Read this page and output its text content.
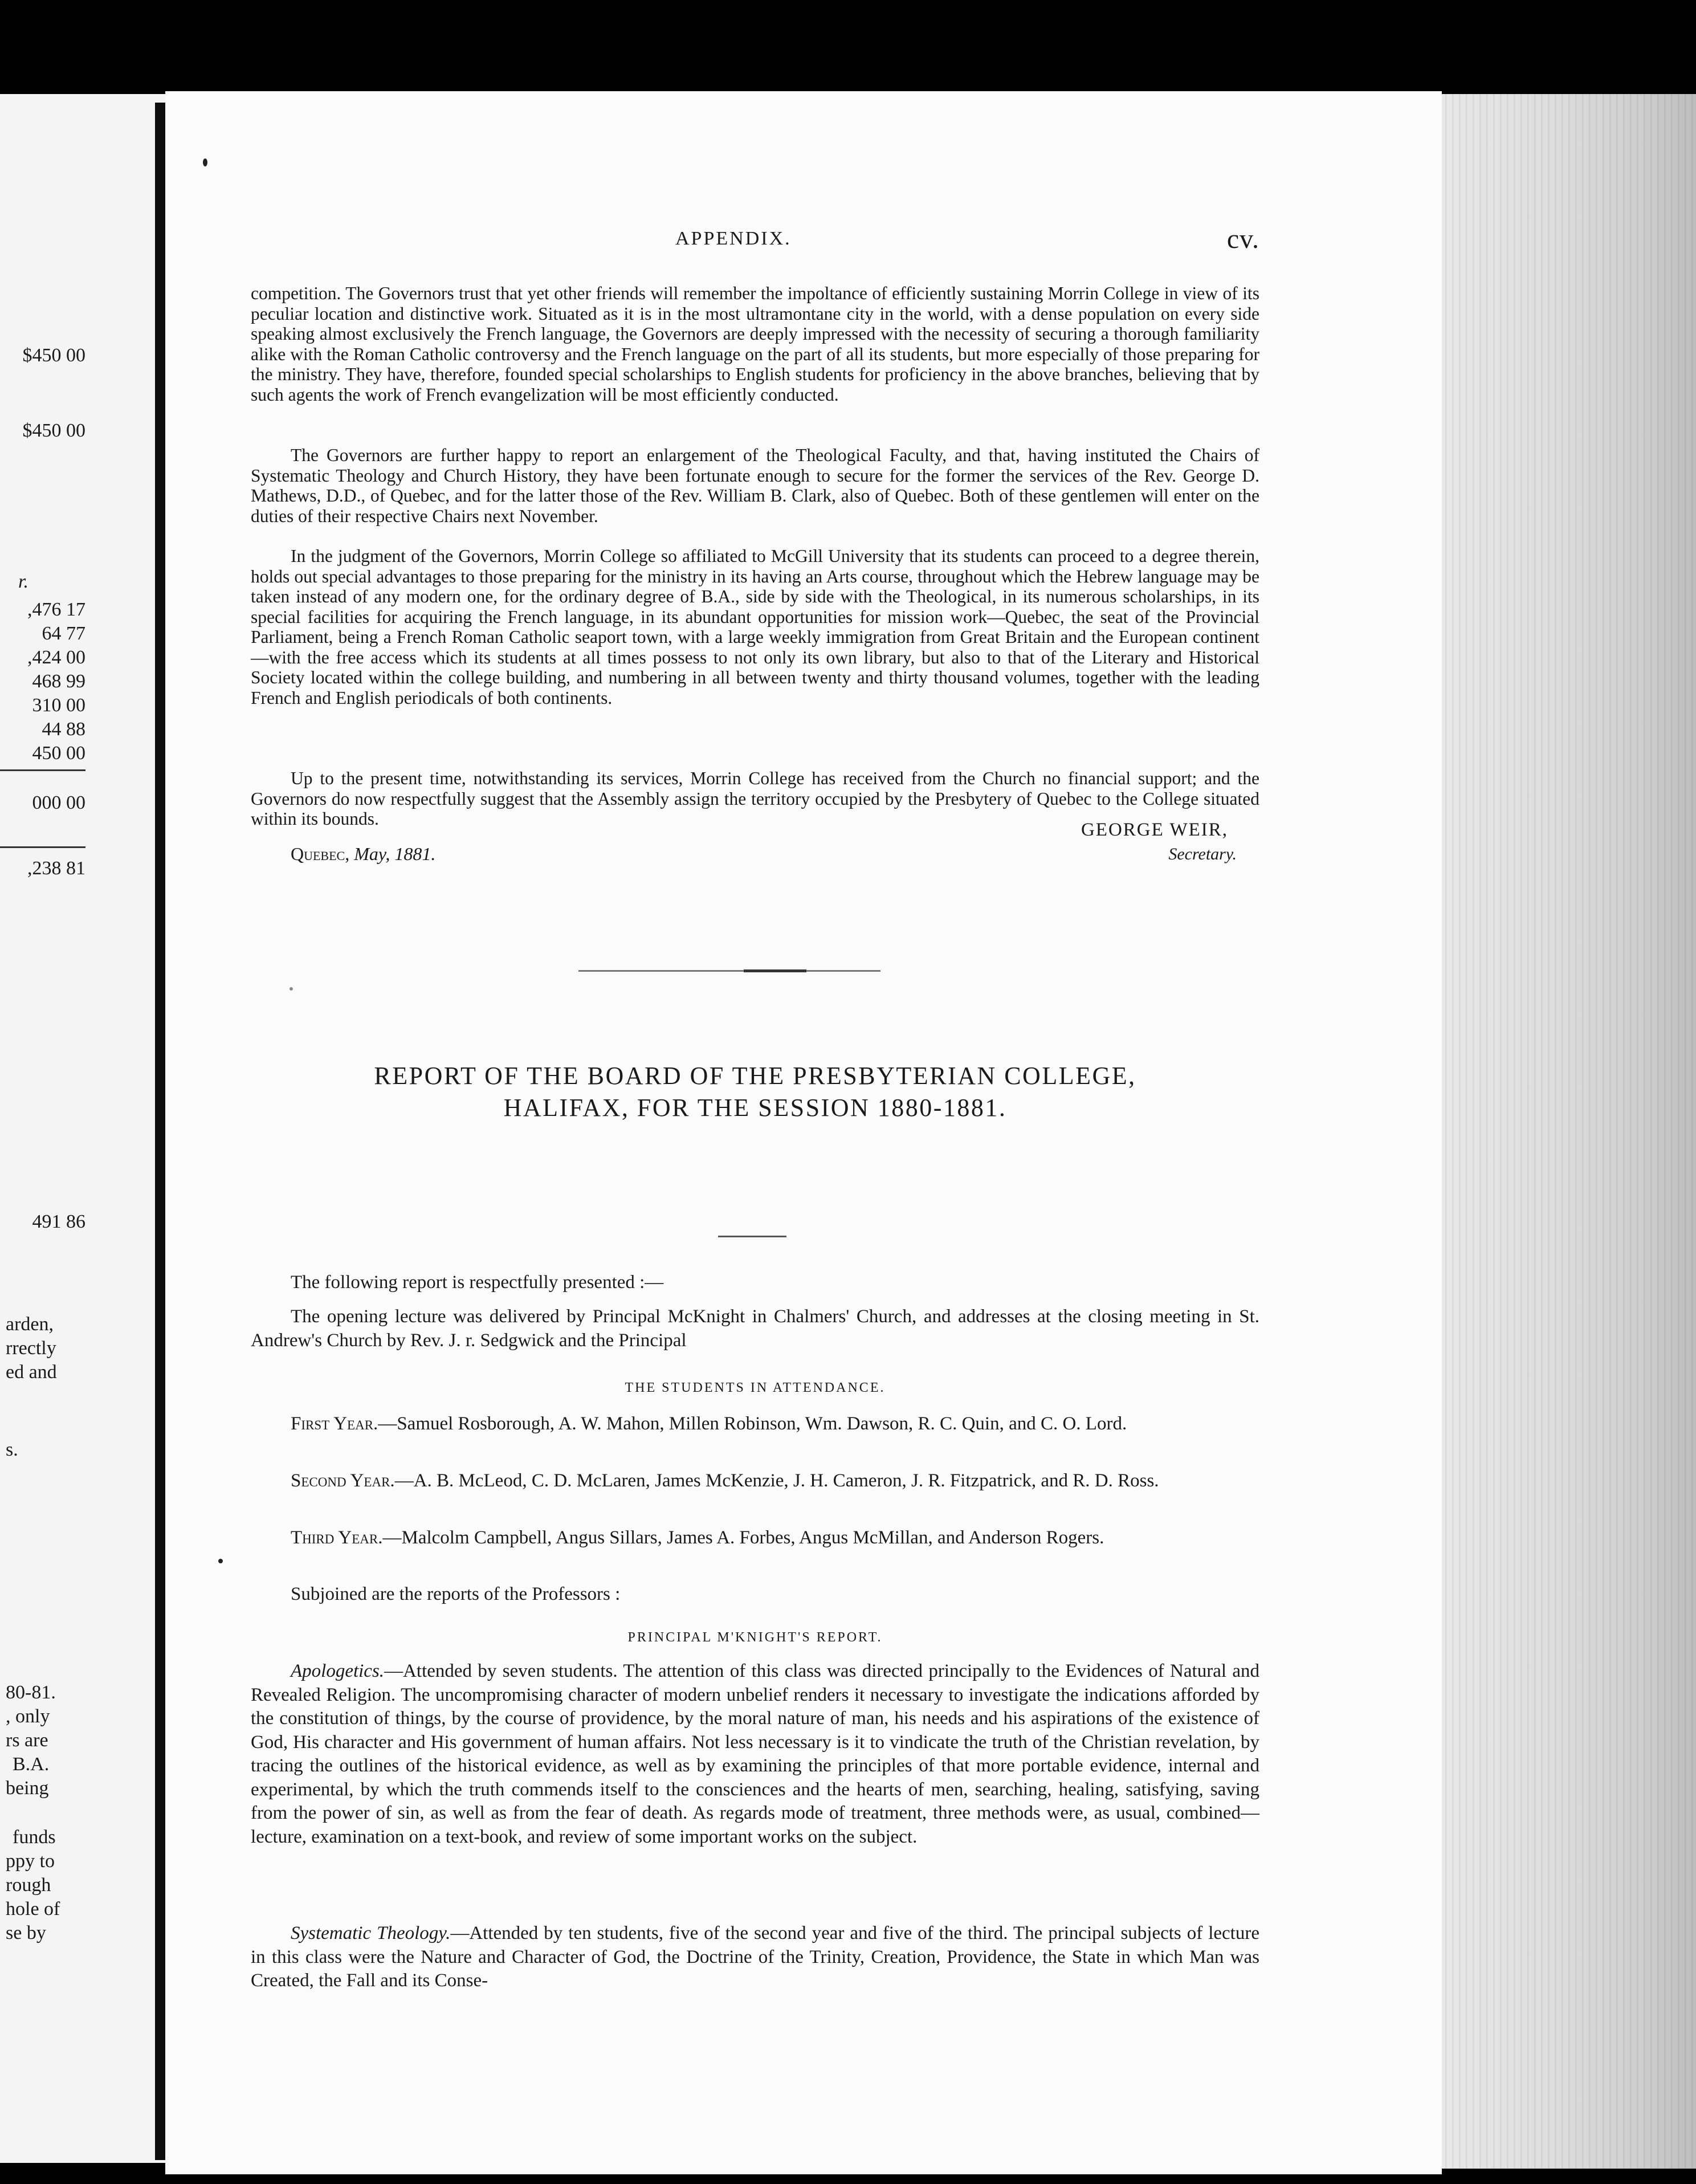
$450 00
$450 00
r.
,476 17
64 77
,424 00
468 99
310 00
44 88
450 00
000 00
,238 81
491 86
arden,
rrectly
ed and
s.
80-81.
, only
rs are
B.A.
being
funds
ppy to
rough
hole of
se by
APPENDIX.	cv.

competition. The Governors trust that yet other friends will remember the impoltance of efficiently sustaining Morrin College in view of its peculiar location and distinctive work. Situated as it is in the most ultramontane city in the world, with a dense population on every side speaking almost exclusively the French language, the Governors are deeply impressed with the necessity of securing a thorough familiarity alike with the Roman Catholic controversy and the French language on the part of all its students, but more especially of those preparing for the ministry. They have, therefore, founded special scholarships to English students for proficiency in the above branches, believing that by such agents the work of French evangelization will be most efficiently conducted.

The Governors are further happy to report an enlargement of the Theological Faculty, and that, having instituted the Chairs of Systematic Theology and Church History, they have been fortunate enough to secure for the former the services of the Rev. George D. Mathews, D.D., of Quebec, and for the latter those of the Rev. William B. Clark, also of Quebec. Both of these gentlemen will enter on the duties of their respective Chairs next November.

In the judgment of the Governors, Morrin College so affiliated to McGill University that its students can proceed to a degree therein, holds out special advantages to those preparing for the ministry in its having an Arts course, throughout which the Hebrew language may be taken instead of any modern one, for the ordinary degree of B.A., side by side with the Theological, in its numerous scholarships, in its special facilities for acquiring the French language, in its abundant opportunities for mission work—Quebec, the seat of the Provincial Parliament, being a French Roman Catholic seaport town, with a large weekly immigration from Great Britain and the European continent—with the free access which its students at all times possess to not only its own library, but also to that of the Literary and Historical Society located within the college building, and numbering in all between twenty and thirty thousand volumes, together with the leading French and English periodicals of both continents.

Up to the present time, notwithstanding its services, Morrin College has received from the Church no financial support; and the Governors do now respectfully suggest that the Assembly assign the territory occupied by the Presbytery of Quebec to the College situated within its bounds.

GEORGE WEIR,
Quebec, May, 1881.	Secretary.
REPORT OF THE BOARD OF THE PRESBYTERIAN COLLEGE,
HALIFAX, FOR THE SESSION 1880-1881.

The following report is respectfully presented :—

The opening lecture was delivered by Principal McKnight in Chalmers' Church, and addresses at the closing meeting in St. Andrew's Church by Rev. J. r. Sedgwick and the Principal

THE STUDENTS IN ATTENDANCE.

First Year.—Samuel Rosborough, A. W. Mahon, Millen Robinson, Wm. Dawson, R. C. Quin, and C. O. Lord.

Second Year.—A. B. McLeod, C. D. McLaren, James McKenzie, J. H. Cameron, J. R. Fitzpatrick, and R. D. Ross.

Third Year.—Malcolm Campbell, Angus Sillars, James A. Forbes, Angus McMillan, and Anderson Rogers.

Subjoined are the reports of the Professors :

PRINCIPAL M'KNIGHT'S REPORT.

Apologetics.—Attended by seven students. The attention of this class was directed principally to the Evidences of Natural and Revealed Religion. The uncompromising character of modern unbelief renders it necessary to investigate the indications afforded by the constitution of things, by the course of providence, by the moral nature of man, his needs and his aspirations of the existence of God, His character and His government of human affairs. Not less necessary is it to vindicate the truth of the Christian revelation, by tracing the outlines of the historical evidence, as well as by examining the principles of that more portable evidence, internal and experimental, by which the truth commends itself to the consciences and the hearts of men, searching, healing, satisfying, saving from the power of sin, as well as from the fear of death. As regards mode of treatment, three methods were, as usual, combined—lecture, examination on a text-book, and review of some important works on the subject.

Systematic Theology.—Attended by ten students, five of the second year and five of the third. The principal subjects of lecture in this class were the Nature and Character of God, the Doctrine of the Trinity, Creation, Providence, the State in which Man was Created, the Fall and its Conse-
